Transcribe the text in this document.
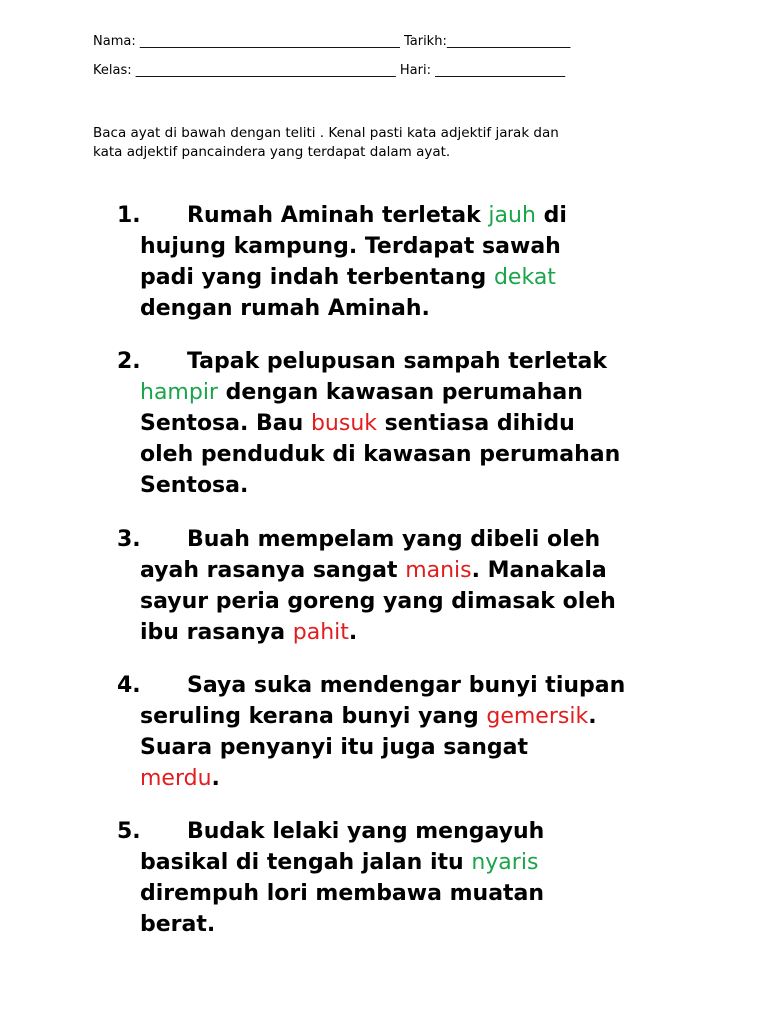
Nama: ________________________________________ Tarikh:___________________
Kelas: ________________________________________ Hari: ____________________
Baca ayat di bawah dengan teliti . Kenal pasti kata adjektif jarak dan
kata adjektif pancaindera yang terdapat dalam ayat.
1. Rumah Aminah terletak jauh di
hujung kampung. Terdapat sawah
padi yang indah terbentang dekat
dengan rumah Aminah.
2. Tapak pelupusan sampah terletak
hampir dengan kawasan perumahan
Sentosa. Bau busuk sentiasa dihidu
oleh penduduk di kawasan perumahan
Sentosa.
3. Buah mempelam yang dibeli oleh
ayah rasanya sangat manis. Manakala
sayur peria goreng yang dimasak oleh
ibu rasanya pahit.
4. Saya suka mendengar bunyi tiupan
seruling kerana bunyi yang gemersik.
Suara penyanyi itu juga sangat
merdu.
5. Budak lelaki yang mengayuh
basikal di tengah jalan itu nyaris
dirempuh lori membawa muatan
berat.
